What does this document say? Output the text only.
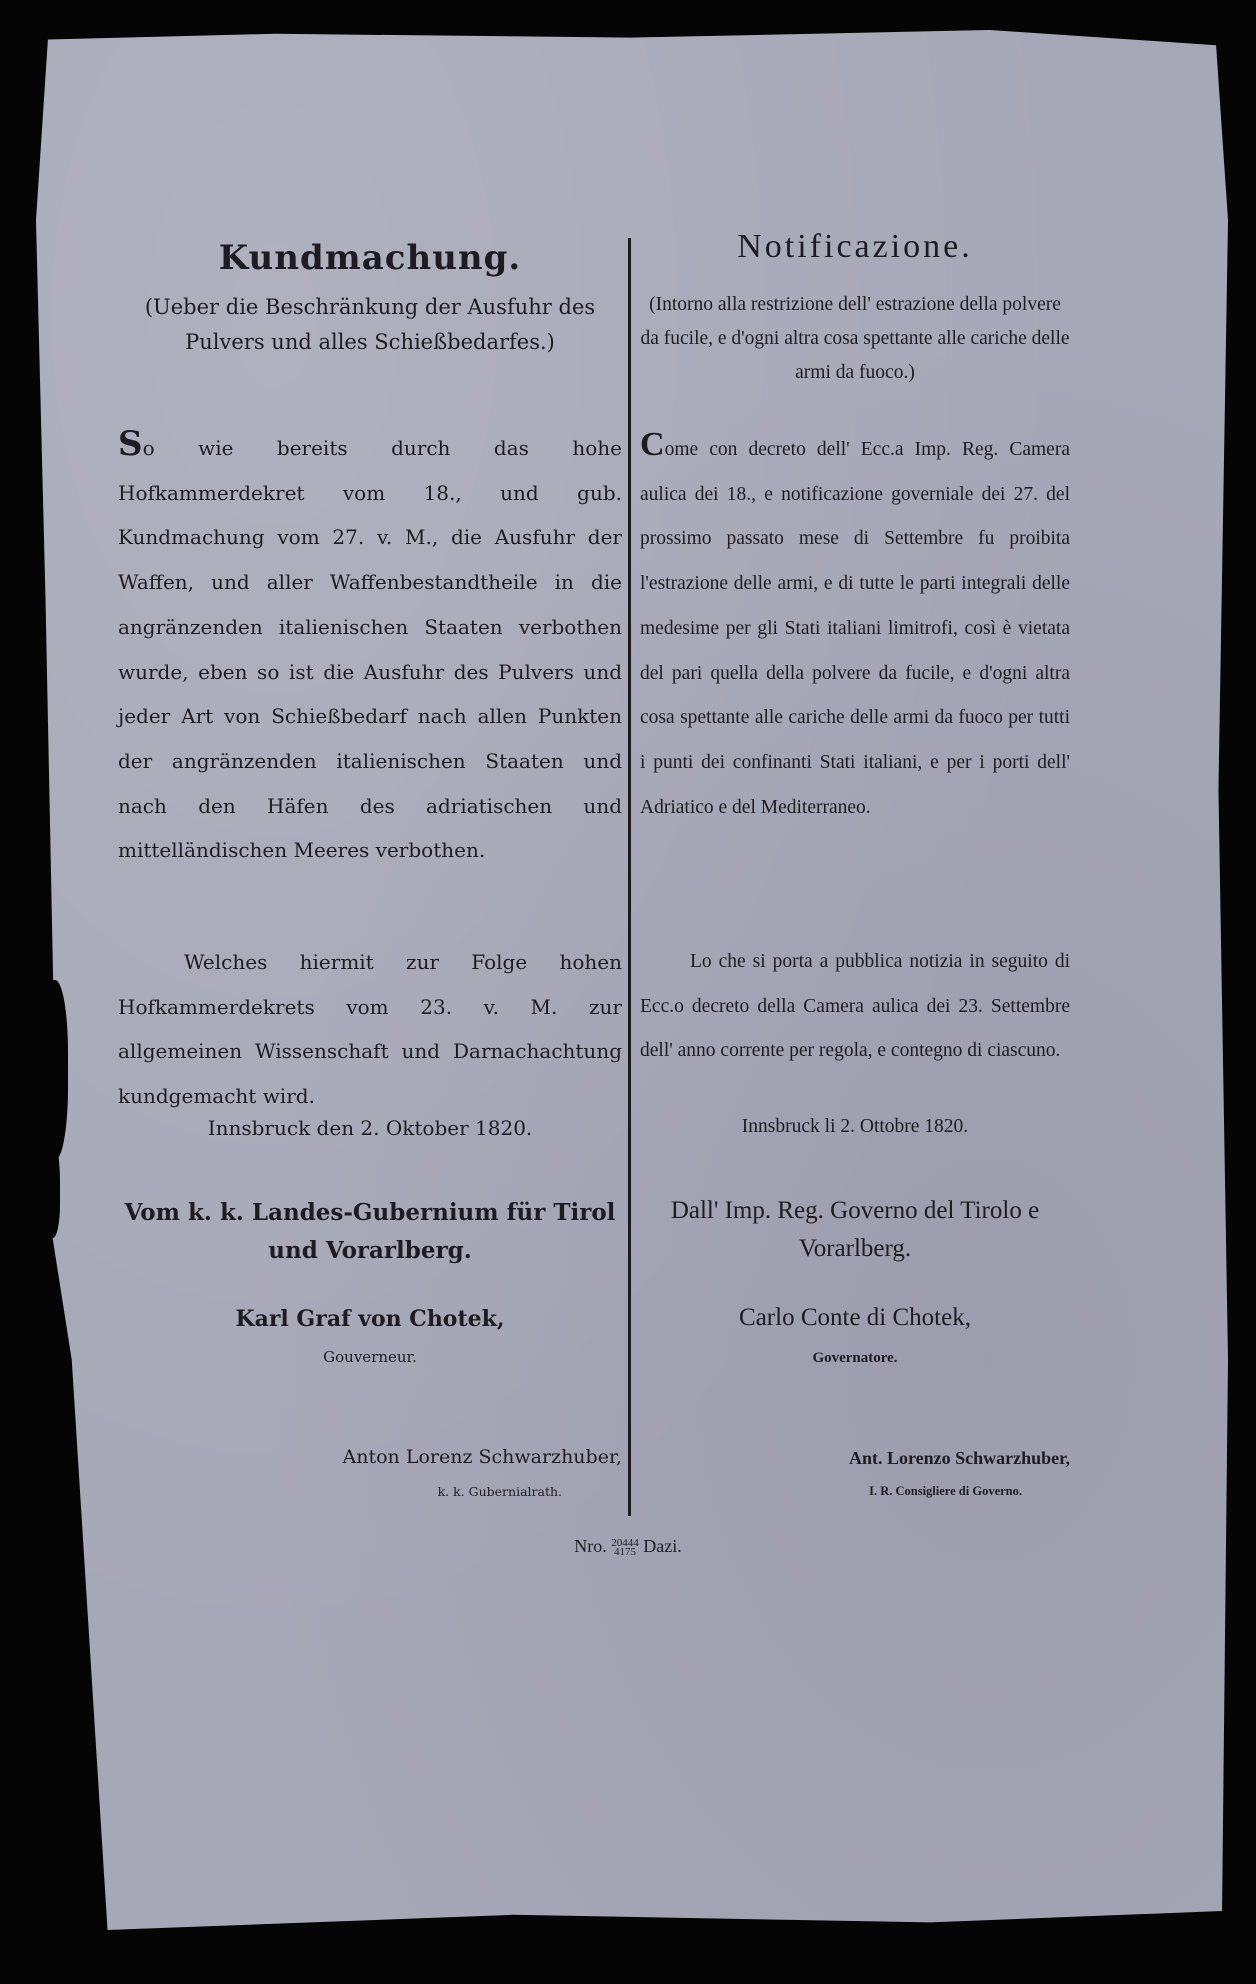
Kundmachung.
(Ueber die Beschränkung der Ausfuhr des Pulvers und alles Schießbedarfes.)
So wie bereits durch das hohe Hofkammerdekret vom 18., und gub. Kundmachung vom 27. v. M., die Ausfuhr der Waffen, und aller Waffenbestandtheile in die angränzenden italienischen Staaten verbothen wurde, eben so ist die Ausfuhr des Pulvers und jeder Art von Schießbedarf nach allen Punkten der angränzenden italienischen Staaten und nach den Häfen des adriatischen und mittelländischen Meeres verbothen.
Welches hiermit zur Folge hohen Hofkammerdekrets vom 23. v. M. zur allgemeinen Wissenschaft und Darnachachtung kundgemacht wird.
Innsbruck den 2. Oktober 1820.
Vom k. k. Landes-Gubernium für Tirol und Vorarlberg.
Karl Graf von Chotek,
Gouverneur.
Anton Lorenz Schwarzhuber,
k. k. Gubernialrath.
Notificazione.
(Intorno alla restrizione dell' estrazione della polvere da fucile, e d'ogni altra cosa spettante alle cariche delle armi da fuoco.)
Come con decreto dell' Ecc.a Imp. Reg. Camera aulica dei 18., e notificazione governiale dei 27. del prossimo passato mese di Settembre fu proibita l'estrazione delle armi, e di tutte le parti integrali delle medesime per gli Stati italiani limitrofi, così è vietata del pari quella della polvere da fucile, e d'ogni altra cosa spettante alle cariche delle armi da fuoco per tutti i punti dei confinanti Stati italiani, e per i porti dell' Adriatico e del Mediterraneo.
Lo che si porta a pubblica notizia in seguito di Ecc.o decreto della Camera aulica dei 23. Settembre dell' anno corrente per regola, e contegno di ciascuno.
Innsbruck li 2. Ottobre 1820.
Dall' Imp. Reg. Governo del Tirolo e Vorarlberg.
Carlo Conte di Chotek,
Governatore.
Ant. Lorenzo Schwarzhuber,
I. R. Consigliere di Governo.
Nro. 20444
4175 Dazi.
